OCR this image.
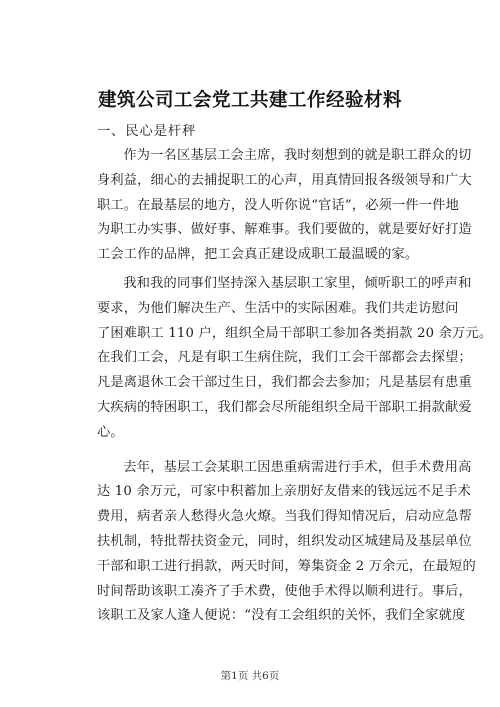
建筑公司工会党工共建工作经验材料
一、民心是杆秤
作为一名区基层工会主席，我时刻想到的就是职工群众的切
身利益，细心的去捕捉职工的心声，用真情回报各级领导和广大
职工。在最基层的地方，没人听你说“官话”，必须一件一件地
为职工办实事、做好事、解难事。我们要做的，就是要好好打造
工会工作的品牌，把工会真正建设成职工最温暖的家。
我和我的同事们坚持深入基层职工家里，倾听职工的呼声和
要求，为他们解决生产、生活中的实际困难。我们共走访慰问
了困难职工 110 户，组织全局干部职工参加各类捐款 20 余万元。
在我们工会，凡是有职工生病住院，我们工会干部都会去探望；
凡是离退休工会干部过生日，我们都会去参加；凡是基层有患重
大疾病的特困职工，我们都会尽所能组织全局干部职工捐款献爱
心。
去年，基层工会某职工因患重病需进行手术，但手术费用高
达 10 余万元，可家中积蓄加上亲朋好友借来的钱远远不足手术
费用，病者亲人愁得火急火燎。当我们得知情况后，启动应急帮
扶机制，特批帮扶资金元，同时，组织发动区城建局及基层单位
干部和职工进行捐款，两天时间，筹集资金 2 万余元，在最短的
时间帮助该职工凑齐了手术费，使他手术得以顺利进行。事后，
该职工及家人逢人便说：“没有工会组织的关怀，我们全家就度
第1页 共6页
